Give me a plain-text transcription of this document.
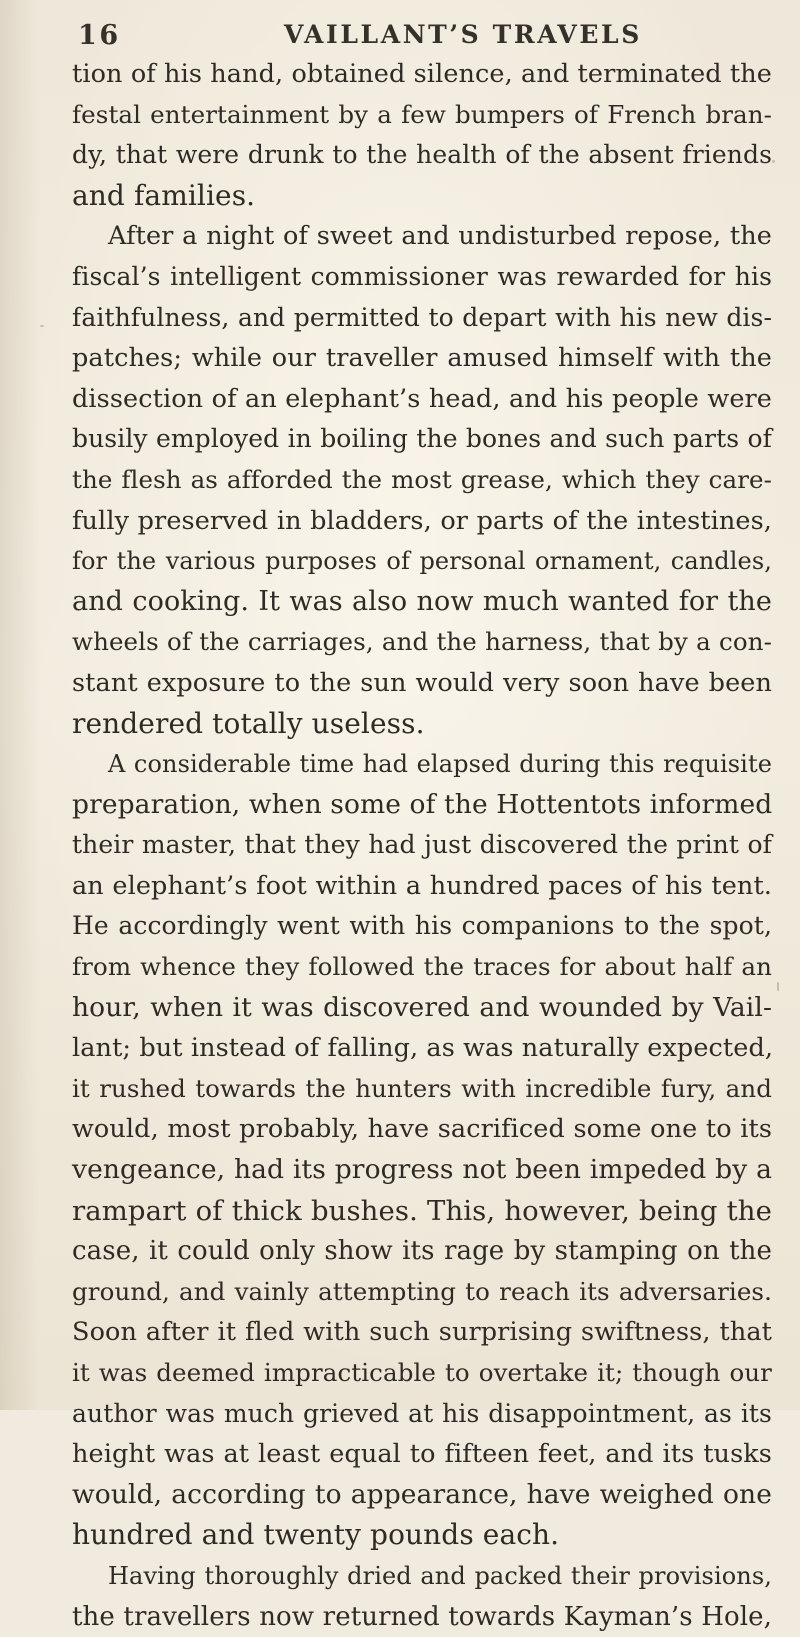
16	VAILLANT’S TRAVELS
tion of his hand, obtained silence, and terminated the
festal entertainment by a few bumpers of French bran-
dy, that were drunk to the health of the absent friends
and families.
After a night of sweet and undisturbed repose, the
fiscal’s intelligent commissioner was rewarded for his
faithfulness, and permitted to depart with his new dis-
patches; while our traveller amused himself with the
dissection of an elephant’s head, and his people were
busily employed in boiling the bones and such parts of
the flesh as afforded the most grease, which they care-
fully preserved in bladders, or parts of the intestines,
for the various purposes of personal ornament, candles,
and cooking. It was also now much wanted for the
wheels of the carriages, and the harness, that by a con-
stant exposure to the sun would very soon have been
rendered totally useless.
A considerable time had elapsed during this requisite
preparation, when some of the Hottentots informed
their master, that they had just discovered the print of
an elephant’s foot within a hundred paces of his tent.
He accordingly went with his companions to the spot,
from whence they followed the traces for about half an
hour, when it was discovered and wounded by Vail-
lant; but instead of falling, as was naturally expected,
it rushed towards the hunters with incredible fury, and
would, most probably, have sacrificed some one to its
vengeance, had its progress not been impeded by a
rampart of thick bushes. This, however, being the
case, it could only show its rage by stamping on the
ground, and vainly attempting to reach its adversaries.
Soon after it fled with such surprising swiftness, that
it was deemed impracticable to overtake it; though our
author was much grieved at his disappointment, as its
height was at least equal to fifteen feet, and its tusks
would, according to appearance, have weighed one
hundred and twenty pounds each.
Having thoroughly dried and packed their provisions,
the travellers now returned towards Kayman’s Hole,
